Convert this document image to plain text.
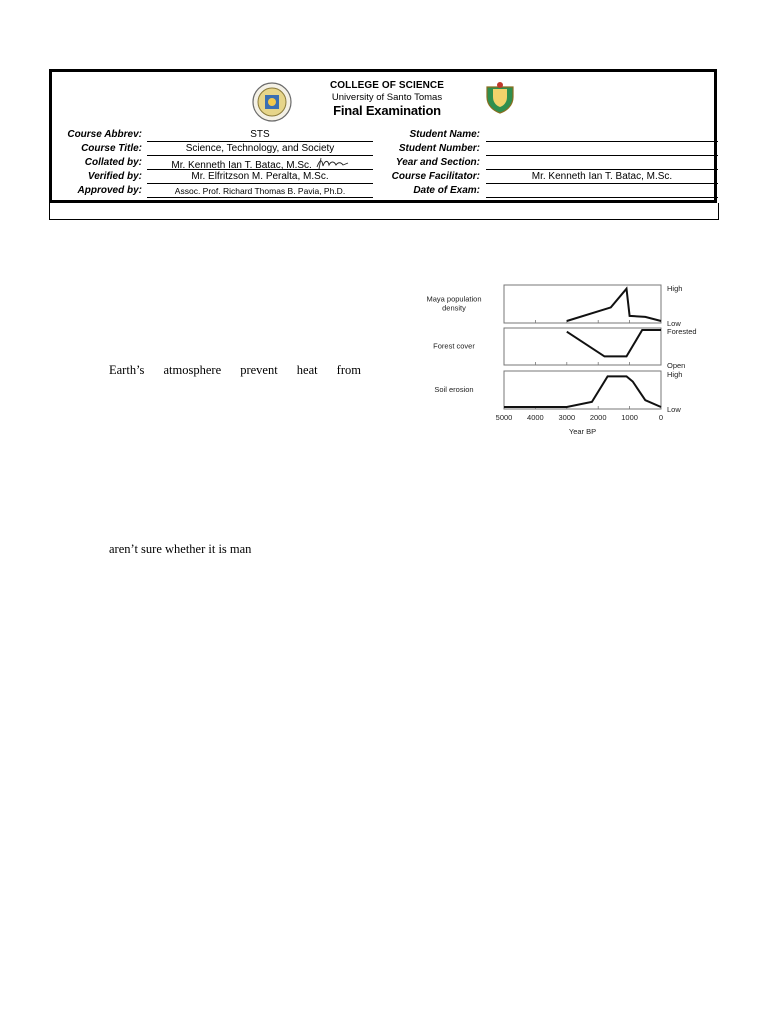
COLLEGE OF SCIENCE
University of Santo Tomas
Final Examination
Course Abbrev:	STS
Course Title:	Science, Technology, and Society
Collated by:	Mr. Kenneth Ian T. Batac, M.Sc.
Verified by:	Mr. Elfritzson M. Peralta, M.Sc.
Approved by:	Assoc. Prof. Richard Thomas B. Pavia, Ph.D.
Student Name:
Student Number:
Year and Section:
Course Facilitator:	Mr. Kenneth Ian T. Batac, M.Sc.
Date of Exam:
Earth’s atmosphere prevent heat from
aren’t sure whether it is man
Maya population
density
High
Low
Forest cover
Forested
Open
Soil erosion
High
Low
5000 4000 3000 2000 1000	0
Year BP
